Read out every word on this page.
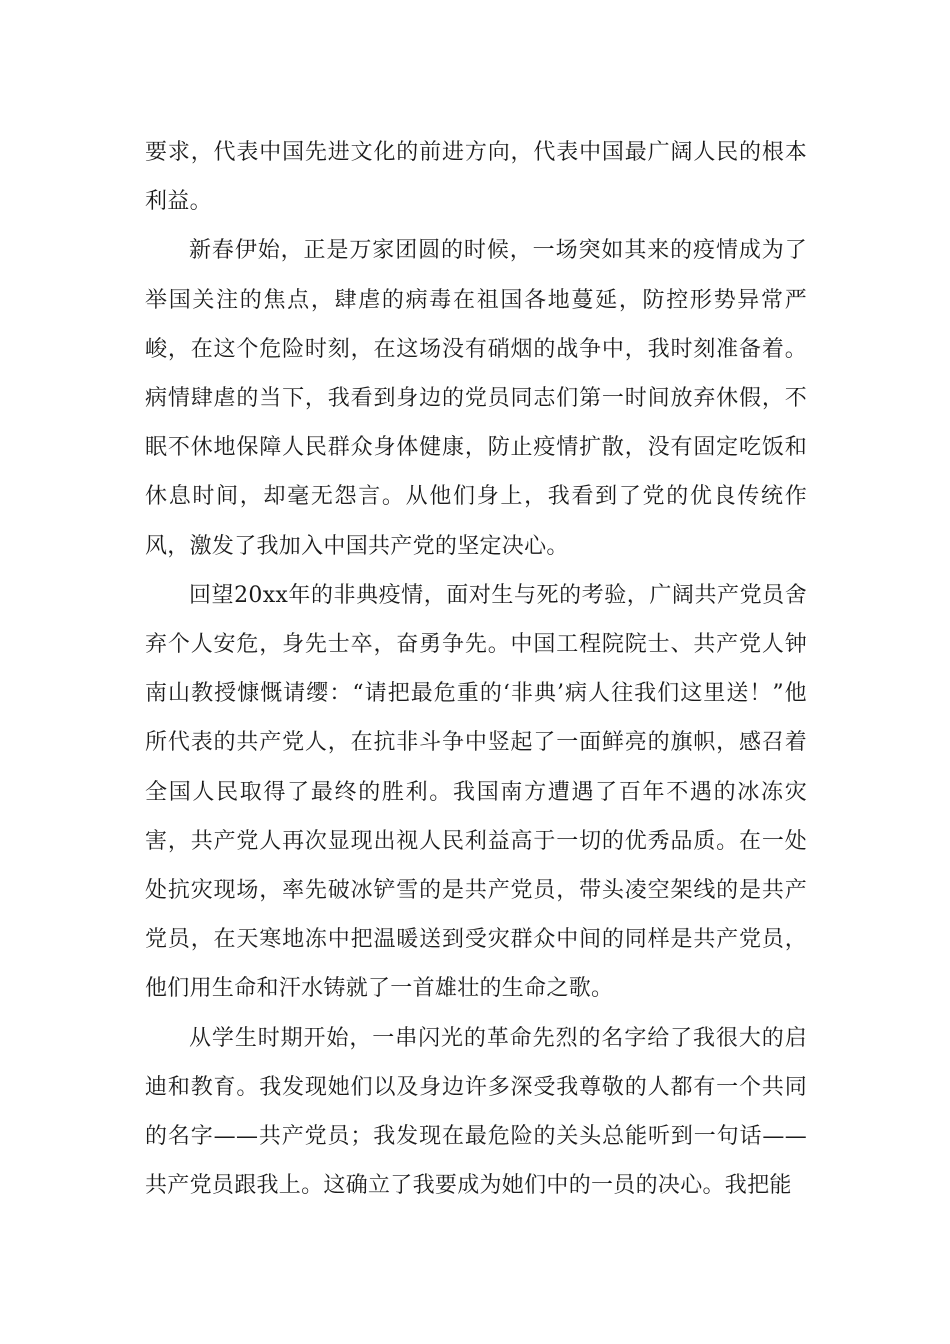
要求，代表中国先进文化的前进方向，代表中国最广阔人民的根本利益。

新春伊始，正是万家团圆的时候，一场突如其来的疫情成为了举国关注的焦点，肆虐的病毒在祖国各地蔓延，防控形势异常严峻，在这个危险时刻，在这场没有硝烟的战争中，我时刻准备着。病情肆虐的当下，我看到身边的党员同志们第一时间放弃休假，不眠不休地保障人民群众身体健康，防止疫情扩散，没有固定吃饭和休息时间，却毫无怨言。从他们身上，我看到了党的优良传统作风，激发了我加入中国共产党的坚定决心。

回望20xx年的非典疫情，面对生与死的考验，广阔共产党员舍弃个人安危，身先士卒，奋勇争先。中国工程院院士、共产党人钟南山教授慷慨请缨：“请把最危重的‘非典’病人往我们这里送！”他所代表的共产党人，在抗非斗争中竖起了一面鲜亮的旗帜，感召着全国人民取得了最终的胜利。我国南方遭遇了百年不遇的冰冻灾害，共产党人再次显现出视人民利益高于一切的优秀品质。在一处处抗灾现场，率先破冰铲雪的是共产党员，带头凌空架线的是共产党员，在天寒地冻中把温暖送到受灾群众中间的同样是共产党员，他们用生命和汗水铸就了一首雄壮的生命之歌。

从学生时期开始，一串闪光的革命先烈的名字给了我很大的启迪和教育。我发现她们以及身边许多深受我尊敬的人都有一个共同的名字——共产党员；我发现在最危险的关头总能听到一句话——共产党员跟我上。这确立了我要成为她们中的一员的决心。我把能
